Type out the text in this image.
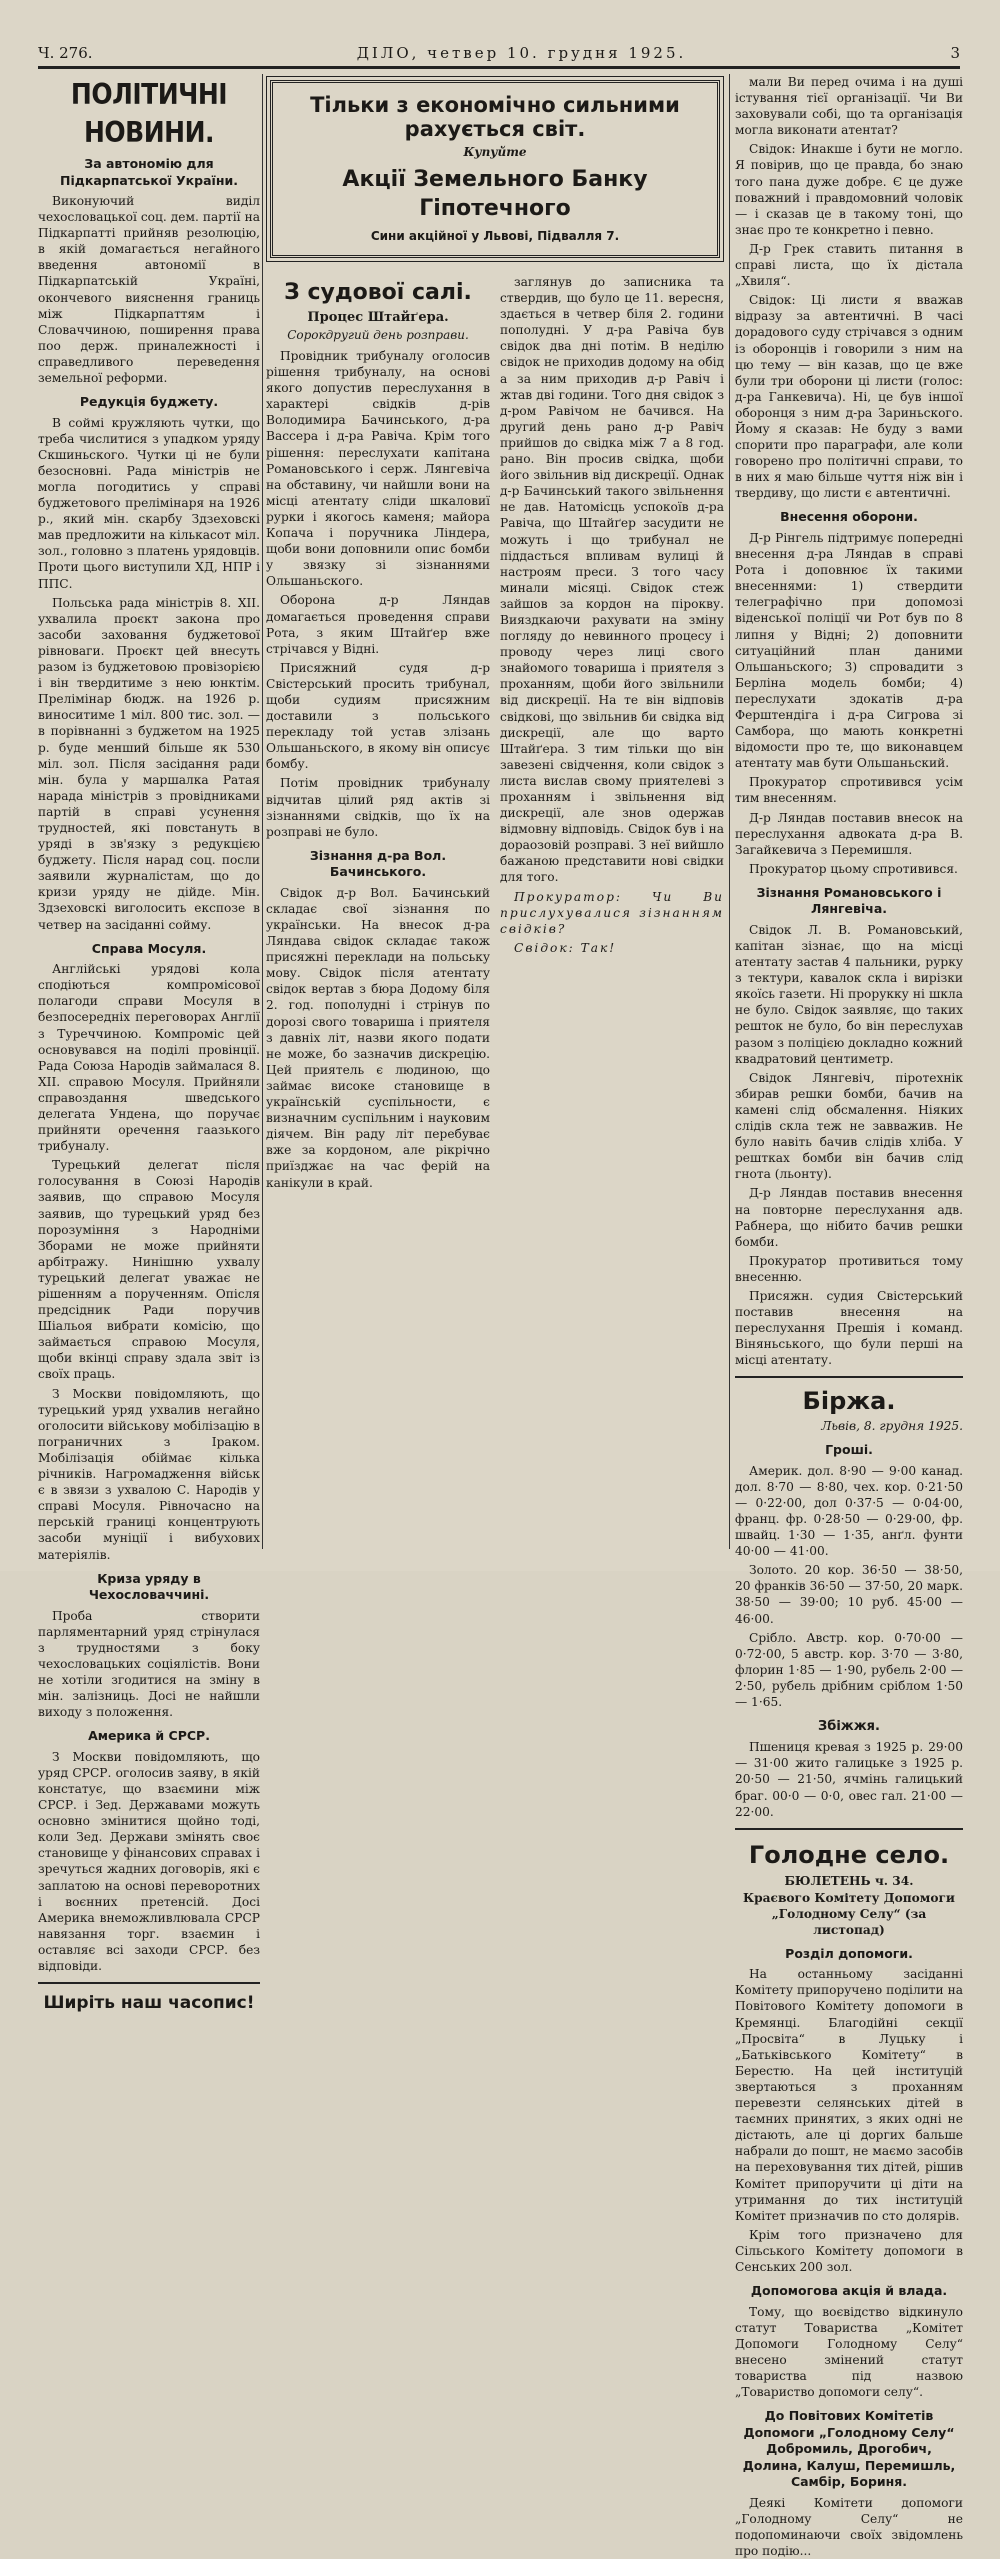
Ч. 276.	ДІЛО, четвер 10. грудня 1925.	3
ПОЛІТИЧНІ НОВИНИ.
За автономію для Підкарпатської України.

Виконуючий виділ чехословацької соц. дем. партії на Підкарпатті прийняв резолюцію, в якій домагається негайного введення автономії в Підкарпатській Україні, окончевого вияснення границь між Підкарпаттям і Словаччиною, поширення права поо держ. приналежності і справедливого переведення земельної реформи.

Редукція буджету.

В соймі кружляють чутки, що треба числитися з упадком уряду Скшиньского. Чутки ці не були безосновні. Рада міністрів не могла погодитись у справі буджетового прелімінаря на 1926 р., який мін. скарбу Здзеховскі мав предложити на кількасот міл. зол., головно з платень урядовців. Проти цього виступили ХД, НПР і ППС.

Польська рада міністрів 8. XII. ухвалила проєкт закона про засоби заховання буджетової рівноваги. Проєкт цей внесуть разом із буджетовою провізорією і він твердитиме з нею юнктім. Прелімінар бюдж. на 1926 р. виноситиме 1 міл. 800 тис. зол. — в порівнанні з буджетом на 1925 р. буде менший більше як 530 міл. зол. Після засідання ради мін. була у маршалка Ратая нарада міністрів з провідниками партій в справі усунення трудностей, які повстануть в уряді в зв'язку з редукцією буджету. Після нарад соц. посли заявили журналістам, що до кризи уряду не дійде. Мін. Здзеховскі виголосить експозе в четвер на засіданні сойму.

Справа Мосуля.

Англійські урядові кола сподіються компромісової полагоди справи Мосуля в безпосередніх переговорах Англії з Туреччиною. Компроміс цей основувався на поділі провінції. Рада Союза Народів займалася 8. XII. справою Мосуля. Прийняли справоздання шведського делегата Ундена, що поручає прийняти оречення гаазького трибуналу.

Турецький делегат після голосування в Союзі Народів заявив, що справою Мосуля заявив, що турецький уряд без порозуміння з Народніми Зборами не може прийняти арбітражу. Нинішню ухвалу турецький делегат уважає не рішенням а порученням. Опісля предсідник Ради поручив Шіальоя вибрати комісію, що займається справою Мосуля, щоби вкінці справу здала звіт із своїх праць.

З Москви повідомляють, що турецький уряд ухвалив негайно оголосити військову мобілізацію в пограничних з Іраком. Мобілізація обіймає кілька річників. Нагромадження військ є в звязи з ухвалою С. Народів у справі Мосуля. Рівночасно на перській границі концентрують засоби муніції і вибухових матеріялів.

Криза уряду в Чехословаччині.

Проба створити парляментарний уряд стрінулася з трудностями з боку чехословацьких соціялістів. Вони не хотіли згодитися на зміну в мін. залізниць. Досі не найшли виходу з положення.

Америка й СРСР.

З Москви повідомляють, що уряд СРСР. оголосив заяву, в якій констатує, що взаємини між СРСР. і Зед. Державами можуть основно змінитися щойно тоді, коли Зед. Держави змінять своє становище у фінансових справах і зречуться жадних договорів, які є заплатою на основі переворотних і воєнних претенсій. Досі Америка внеможливлювала СРСР навязання торг. взаємин і оставляє всі заходи СРСР. без відповіди.

Ширіть наш часопис!
Тільки з економічно сильними
рахується світ.
Купуйте
Акції Земельного Банку Гіпотечного
Сини акційної у Львові, Підвалля 7.
З судової салі.
Процес Штайґера.
Сорокдругий день розправи.

Провідник трибуналу оголосив рішення трибуналу, на основі якого допустив переслухання в характері свідків д-рів Володимира Бачинського, д-ра Вассера і д-ра Равіча. Крім того рішення: переслухати капітана Романовського і серж. Лянгевіча на обставину, чи найшли вони на місці атентату сліди шкаловиї рурки і якогось каменя; майора Копача і поручника Ліндера, щоби вони доповнили опис бомби у звязку зі зізнаннями Ольшаньского.

Оборона д-р Ляндав домагається проведення справи Рота, з яким Штайґер вже стрічався у Відні.

Присяжний судя д-р Свістерський просить трибунал, щоби судиям присяжним доставили з польського перекладу той устав злізань Ольшаньского, в якому він описує бомбу.

Потім провідник трибуналу відчитав цілий ряд актів зі зізнаннями свідків, що їх на розправі не було.

Зізнання д-ра Вол. Бачинського.

Свідок д-р Вол. Бачинський складає свої зізнання по українськи. На внесок д-ра Ляндава свідок складає також присяжні переклади на польську мову. Свідок після атентату свідок вертав з бюра Додому біля 2. год. пополудні і стрінув по дорозі свого товариша і приятеля з давніх літ, назви якого подати не може, бо зазначив дискрецію. Цей приятель є людиною, що займає високе становище в українській суспільности, є визначним суспільним і науковим діячем. Він раду літ перебуває вже за кордоном, але рікрічно приїзджає на час ферій на канікули в край.

заглянув до записника та ствердив, що було це 11. вересня, здається в четвер біля 2. години пополудні. У д-ра Равіча був свідок два дні потім. В неділю свідок не приходив додому на обід а за ним приходив д-р Равіч і жтав дві години. Того дня свідок з д-ром Равічом не бачився. На другий день рано д-р Равіч прийшов до свідка між 7 а 8 год. рано. Він просив свідка, щоби його звільнив від дискреції. Однак д-р Бачинський такого звільнення не дав. Натомісць успокоїв д-ра Равіча, що Штайґер засудити не можуть і що трибунал не піддасться впливам вулиці й настроям преси. З того часу минали місяці. Свідок стеж зайшов за кордон на пірокву. Вияздкаючи рахувати на зміну погляду до невинного процесу і проводу через лиці свого знайомого товариша і приятеля з проханням, щоби його звільнили від дискреції. На те він відповів свідкові, що звільнив би свідка від дискреції, але що варто Штайґера. З тим тільки що він завезені свідчення, коли свідок з листа вислав свому приятелеві з проханням і звільнення від дискреції, але знов одержав відмовну відповідь. Свідок був і на дораозовій розправі. З неї вийшло бажаною представити нові свідки для того.

Прокуратор: Чи Ви прислухувалися зізнанням свідків?

Свідок: Так!

мали Ви перед очима і на душі істування тієї організації. Чи Ви заховували собі, що та організація могла виконати атентат?

Свідок: Инакше і бути не могло. Я повірив, що це правда, бо знаю того пана дуже добре. Є це дуже поважний і правдомовний чоловік — і сказав це в такому тоні, що знає про те конкретно і певно.

Д-р Грек ставить питання в справі листа, що їх дістала „Хвиля“.

Свідок: Ці листи я вважав відразу за автентичні. В часі дорадового суду стрічався з одним із оборонців і говорили з ним на цю тему — він казав, що це вже були три оборони ці листи (голос: д-ра Ганкевича). Ні, це був іншої оборонця з ним д-ра Зариньского. Йому я сказав: Не буду з вами спорити про параграфи, але коли говорено про політичні справи, то в них я маю більше чуття ніж він і твердиву, що листи є автентичні.

Внесення оборони.

Д-р Рінгель підтримує попередні внесення д-ра Ляндав в справі Рота і доповнює їх такими внесеннями: 1) ствердити телеграфічно при допомозі віденської поліції чи Рот був по 8 липня у Відні; 2) доповнити ситуаційний план даними Ольшаньского; 3) спровадити з Берліна модель бомби; 4) переслухати здокатів д-ра Ферштендіга і д-ра Сигрова зі Самбора, що мають конкретні відомости про те, що виконавцем атентату мав бути Ольшаньский.

Прокуратор спротивився усім тим внесенням.

Д-р Ляндав поставив внесок на переслухання адвоката д-ра В. Загайкевича з Перемишля.

Прокуратор цьому спротивився.

Зізнання Романовського і Лянгевіча.

Свідок Л. В. Романовський, капітан зізнає, що на місці атентату застав 4 пальники, рурку з тектури, кавалок скла і вирізки якоїсь газети. Ні прорукку ні шкла не було. Свідок заявляє, що таких решток не було, бо він переслухав разом з поліцією докладно кожний квадратовий центиметр.

Свідок Лянгевіч, піротехнік збирав решки бомби, бачив на камені слід обсмалення. Ніяких слідів скла теж не завважив. Не було навіть бачив слідів хліба. У рештках бомби він бачив слід гнота (льонту).

Д-р Ляндав поставив внесення на повторне переслухання адв. Рабнера, що нібито бачив решки бомби.

Прокуратор противиться тому внесенню.

Присяжн. судия Свістерський поставив внесення на переслухання Прешія і команд. Віняньського, що були перші на місці атентату.

Біржа.
Львів, 8. грудня 1925.
Гроші.

Америк. дол. 8·90 — 9·00 канад. дол. 8·70 — 8·80, чех. кор. 0·21·50 — 0·22·00, дол 0·37·5 — 0·04·00, франц. фр. 0·28·50 — 0·29·00, фр. швайц. 1·30 — 1·35, анґл. фунти 40·00 — 41·00.

Золото. 20 кор. 36·50 — 38·50, 20 франків 36·50 — 37·50, 20 марк. 38·50 — 39·00; 10 руб. 45·00 — 46·00.

Срібло. Австр. кор. 0·70·00 — 0·72·00, 5 австр. кор. 3·70 — 3·80, флорин 1·85 — 1·90, рубель 2·00 — 2·50, рубель дрібним сріблом 1·50 — 1·65.

Збіжжя.

Пшениця кревая з 1925 р. 29·00 — 31·00 жито галицьке з 1925 р. 20·50 — 21·50, ячмінь галицький браг. 00·0 — 0·0, овес гал. 21·00 — 22·00.

Голодне село.
БЮЛЕТЕНЬ ч. 34.
Краєвого Комітету Допомоги „Голодному Селу“ (за листопад)
Розділ допомоги.

На останньому засіданні Комітету припоручено поділити на Повітового Комітету допомоги в Кремянці. Благодійні секції „Просвіта“ в Луцьку і „Батьківського Комітету“ в Берестю. На цей інституцій звертаються з проханням перевезти селянських дітей в таємних принятих, з яких одні не дістають, але ці доргих бальше набрали до пошт, не маємо засобів на переховування тих дітей, рішив Комітет припоручити ці діти на утримання до тих інституцій Комітет призначив по сто долярів.

Крім того призначено для Сільського Комітету допомоги в Сенських 200 зол.

Допомогова акція й влада.

Тому, що воєвідство відкинуло статут Товариства „Комітет Допомоги Голодному Селу“ внесено змінений статут товариства під назвою „Товариство допомоги селу“.

До Повітових Комітетів Допомоги „Голодному Селу“ Добромиль, Дрогобич, Долина, Калуш, Перемишль, Самбір, Бориня.

Деякі Комітети допомоги „Голодному Селу“ не подопоминаючи своїх звідомлень про подію...
